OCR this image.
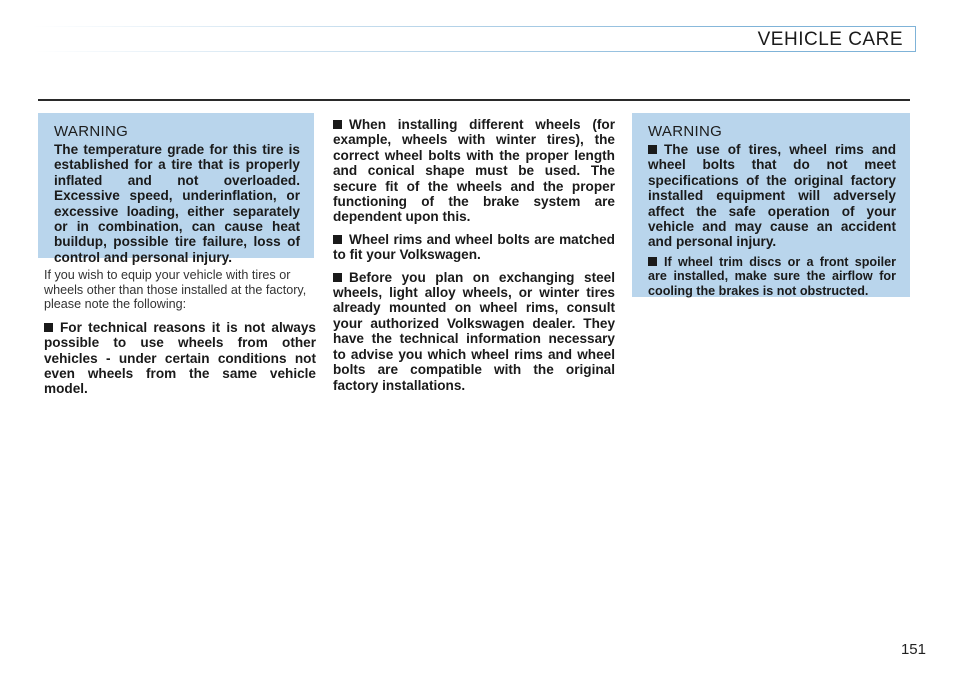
VEHICLE CARE
WARNING
The temperature grade for this tire is established for a tire that is properly inflated and not overloaded. Excessive speed, underinflation, or excessive loading, either separately or in combination, can cause heat buildup, possible tire failure, loss of control and personal injury.
If you wish to equip your vehicle with tires or wheels other than those installed at the factory, please note the following:
For technical reasons it is not always possible to use wheels from other vehicles - under certain conditions not even wheels from the same vehicle model.
When installing different wheels (for example, wheels with winter tires), the correct wheel bolts with the proper length and conical shape must be used. The secure fit of the wheels and the proper functioning of the brake system are dependent upon this.
Wheel rims and wheel bolts are matched to fit your Volkswagen.
Before you plan on exchanging steel wheels, light alloy wheels, or winter tires already mounted on wheel rims, consult your authorized Volkswagen dealer. They have the technical information necessary to advise you which wheel rims and wheel bolts are compatible with the original factory installations.
WARNING
The use of tires, wheel rims and wheel bolts that do not meet specifications of the original factory installed equipment will adversely affect the safe operation of your vehicle and may cause an accident and personal injury.
If wheel trim discs or a front spoiler are installed, make sure the airflow for cooling the brakes is not obstructed.
151
